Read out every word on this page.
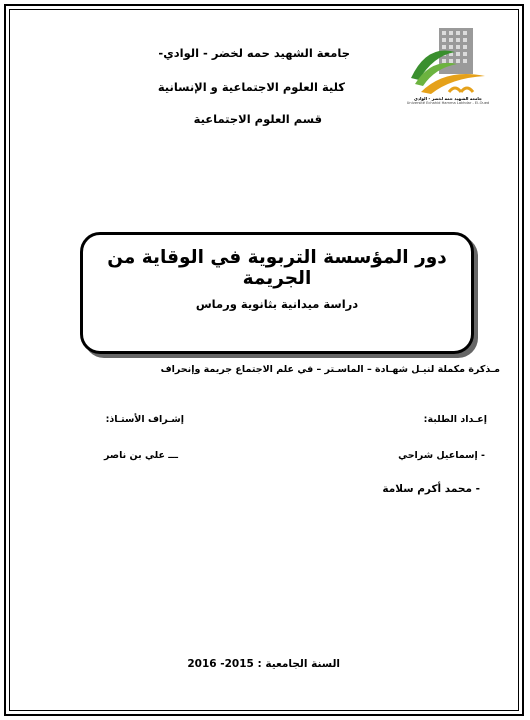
جامعة الشهيد حمه لخضر - الوادي-
كلية العلوم الاجتماعية و الإنسانية
قسم العلوم الاجتماعية
جامعة الشهيد حمه لخضر - الوادي
Université Echahid Hamma Lakhdar - El-Oued
دور المؤسسة التربوية في الوقاية من الجريمة
دراسة ميدانية بثانوية ورماس
مـذكرة مكملة لنيـل شهـادة – الماسـتر – في علم الاجتماع جريمة وإنحراف
إعـداد الطلبة:
إشـراف الأستـاذ:
- إسماعيل شراحي
ـــ علي بن ناصر
- محمد أكرم سلامة
السنة الجامعية : 2015- 2016
